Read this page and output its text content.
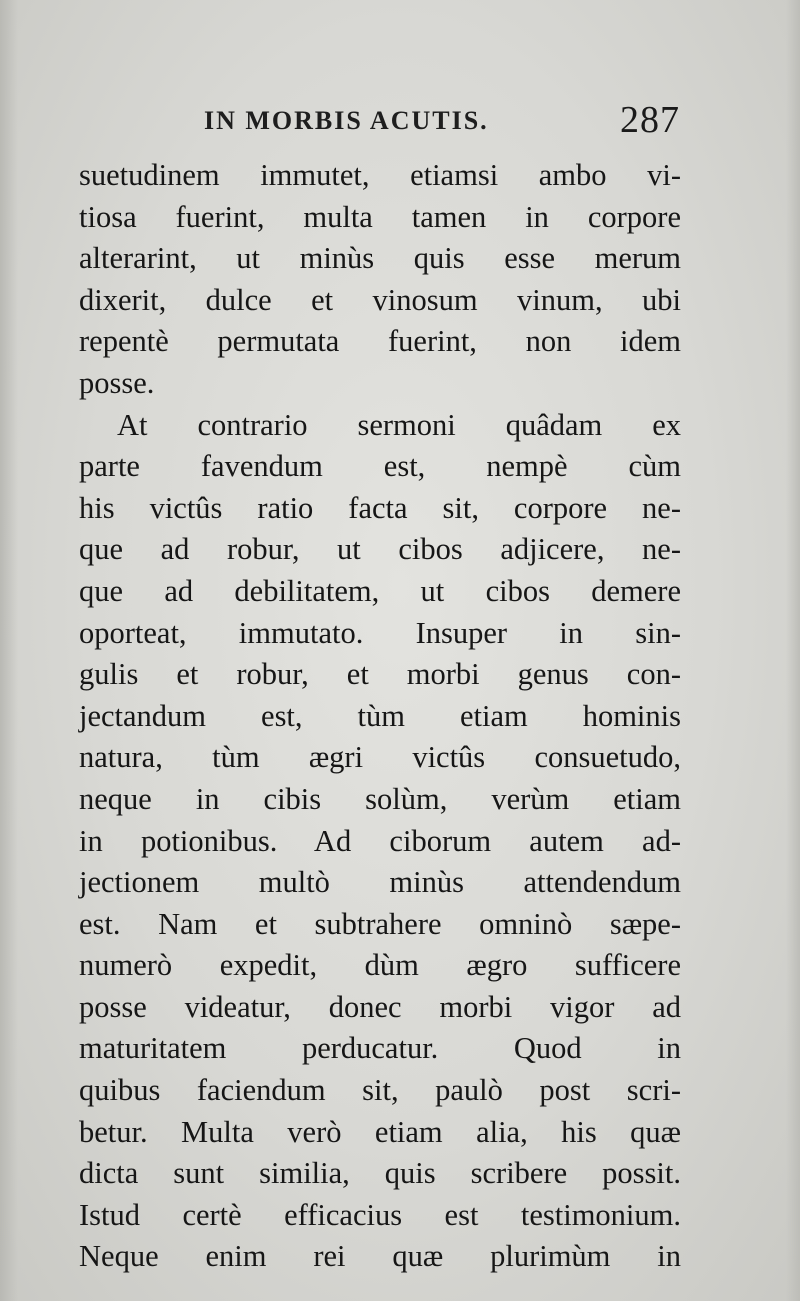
IN MORBIS ACUTIS.	287
suetudinem immutet, etiamsi ambo vi-
tiosa fuerint, multa tamen in corpore
alterarint, ut minùs quis esse merum
dixerit, dulce et vinosum vinum, ubi
repentè permutata fuerint, non idem
posse.
At contrario sermoni quâdam ex
parte favendum est, nempè cùm
his victûs ratio facta sit, corpore ne-
que ad robur, ut cibos adjicere, ne-
que ad debilitatem, ut cibos demere
oporteat, immutato. Insuper in sin-
gulis et robur, et morbi genus con-
jectandum est, tùm etiam hominis
natura, tùm ægri victûs consuetudo,
neque in cibis solùm, verùm etiam
in potionibus. Ad ciborum autem ad-
jectionem multò minùs attendendum
est. Nam et subtrahere omninò sæpe-
numerò expedit, dùm ægro sufficere
posse videatur, donec morbi vigor ad
maturitatem perducatur. Quod in
quibus faciendum sit, paulò post scri-
betur. Multa verò etiam alia, his quæ
dicta sunt similia, quis scribere possit.
Istud certè efficacius est testimonium.
Neque enim rei quæ plurimùm in
